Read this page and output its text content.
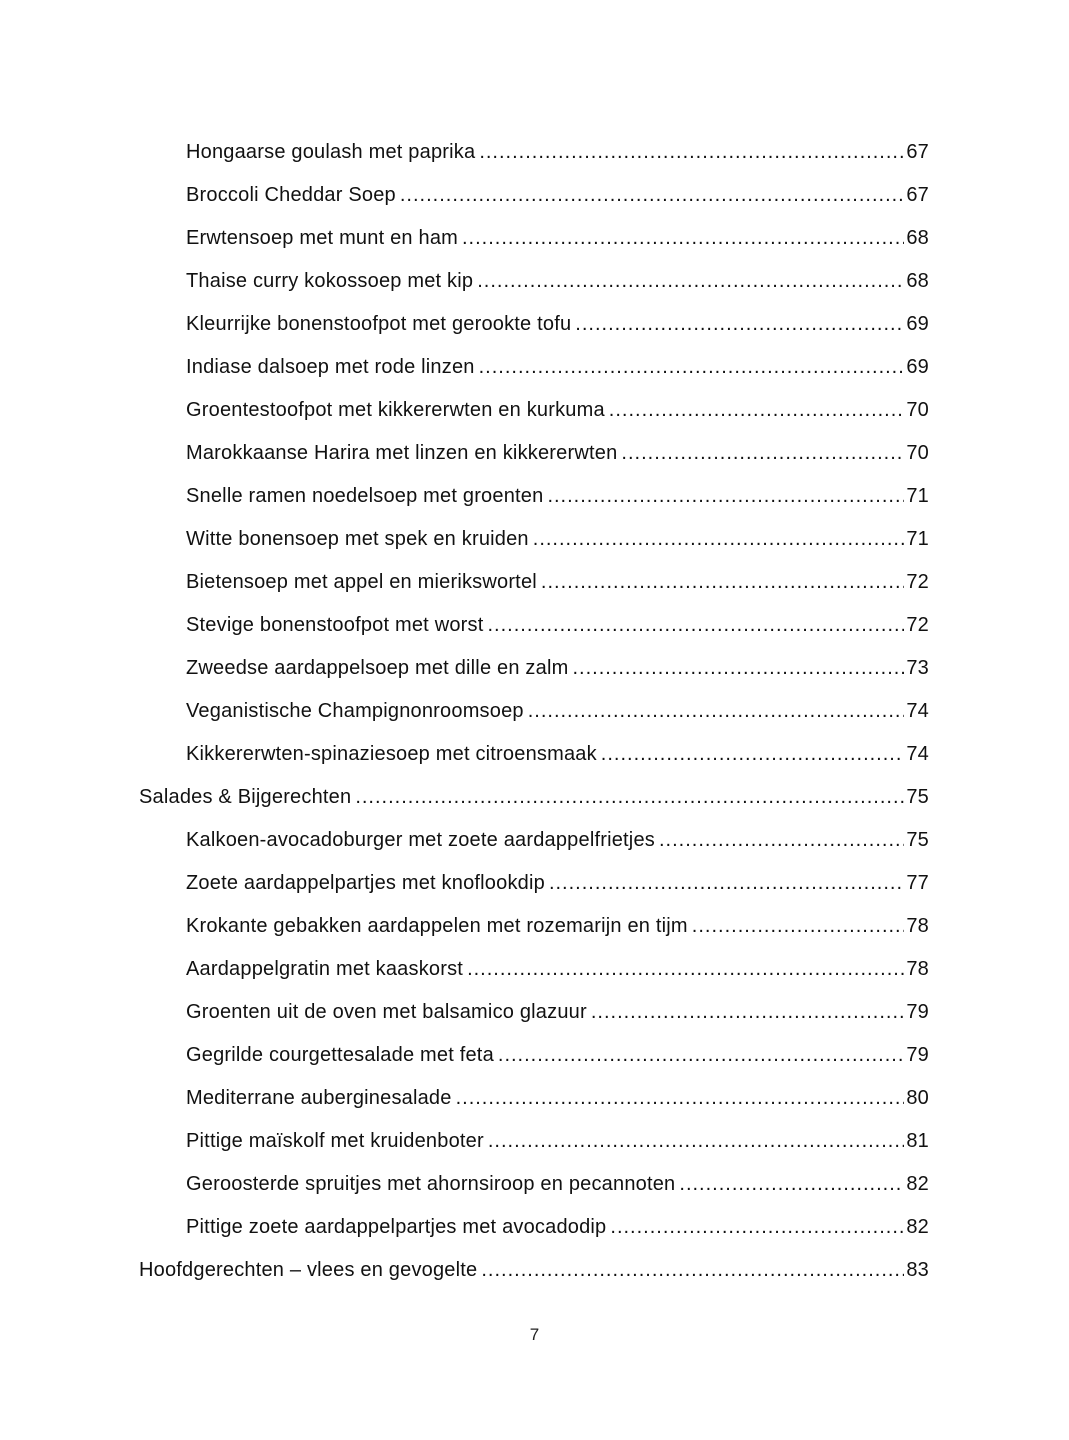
Hongaarse goulash met paprika .....	67
Broccoli Cheddar Soep .....	67
Erwtensoep met munt en ham .....	68
Thaise curry kokossoep met kip .....	68
Kleurrijke bonenstoofpot met gerookte tofu .....	69
Indiase dalsoep met rode linzen .....	69
Groentestoofpot met kikkererwten en kurkuma .....	70
Marokkaanse Harira met linzen en kikkererwten .....	70
Snelle ramen noedelsoep met groenten .....	71
Witte bonensoep met spek en kruiden .....	71
Bietensoep met appel en mierikswortel .....	72
Stevige bonenstoofpot met worst .....	72
Zweedse aardappelsoep met dille en zalm .....	73
Veganistische Champignonroomsoep .....	74
Kikkererwten-spinaziesoep met citroensmaak .....	74
Salades & Bijgerechten .....	75
Kalkoen-avocadoburger met zoete aardappelfrietjes .....	75
Zoete aardappelpartjes met knoflookdip .....	77
Krokante gebakken aardappelen met rozemarijn en tijm .....	78
Aardappelgratin met kaaskorst .....	78
Groenten uit de oven met balsamico glazuur .....	79
Gegrilde courgettesalade met feta .....	79
Mediterrane auberginesalade .....	80
Pittige maïskolf met kruidenboter .....	81
Geroosterde spruitjes met ahornsiroop en pecannoten .....	82
Pittige zoete aardappelpartjes met avocadodip .....	82
Hoofdgerechten – vlees en gevogelte .....	83
7
